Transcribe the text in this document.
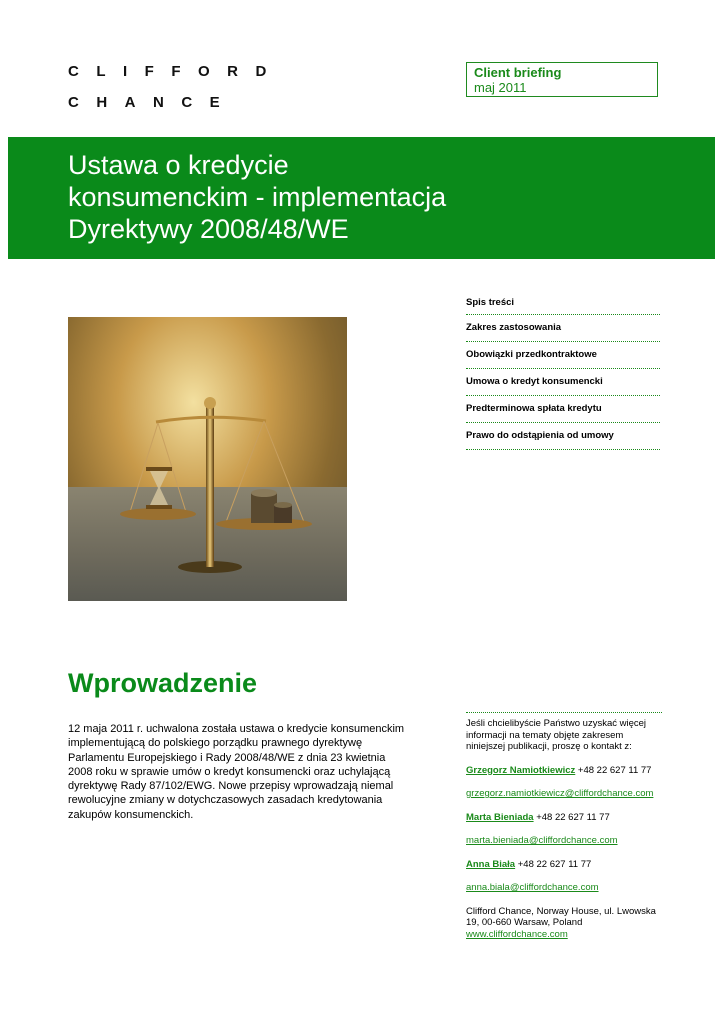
CLIFFORD
CHANCE
Client briefing
maj 2011
Ustawa o kredycie
konsumenckim - implementacja
Dyrektywy 2008/48/WE
Spis treści
Zakres zastosowania
Obowiązki przedkontraktowe
Umowa o kredyt konsumencki
Predterminowa spłata kredytu
Prawo do odstąpienia od umowy
Wprowadzenie

12 maja 2011 r. uchwalona została ustawa o kredycie konsumenckim implementującą do polskiego porządku prawnego dyrektywę Parlamentu Europejskiego i Rady 2008/48/WE z dnia 23 kwietnia 2008 roku w sprawie umów o kredyt konsumencki oraz uchylającą dyrektywę Rady 87/102/EWG. Nowe przepisy wprowadzają niemal rewolucyjne zmiany w dotychczasowych zasadach kredytowania zakupów konsumenckich.

Jeśli chcielibyście Państwo uzyskać więcej informacji na tematy objęte zakresem niniejszej publikacji, proszę o kontakt z:

Grzegorz Namiotkiewicz +48 22 627 11 77

grzegorz.namiotkiewicz@cliffordchance.com

Marta Bieniada +48 22 627 11 77

marta.bieniada@cliffordchance.com

Anna Biała +48 22 627 11 77

anna.biala@cliffordchance.com

Clifford Chance, Norway House, ul. Lwowska
19, 00-660 Warsaw, Poland
www.cliffordchance.com
